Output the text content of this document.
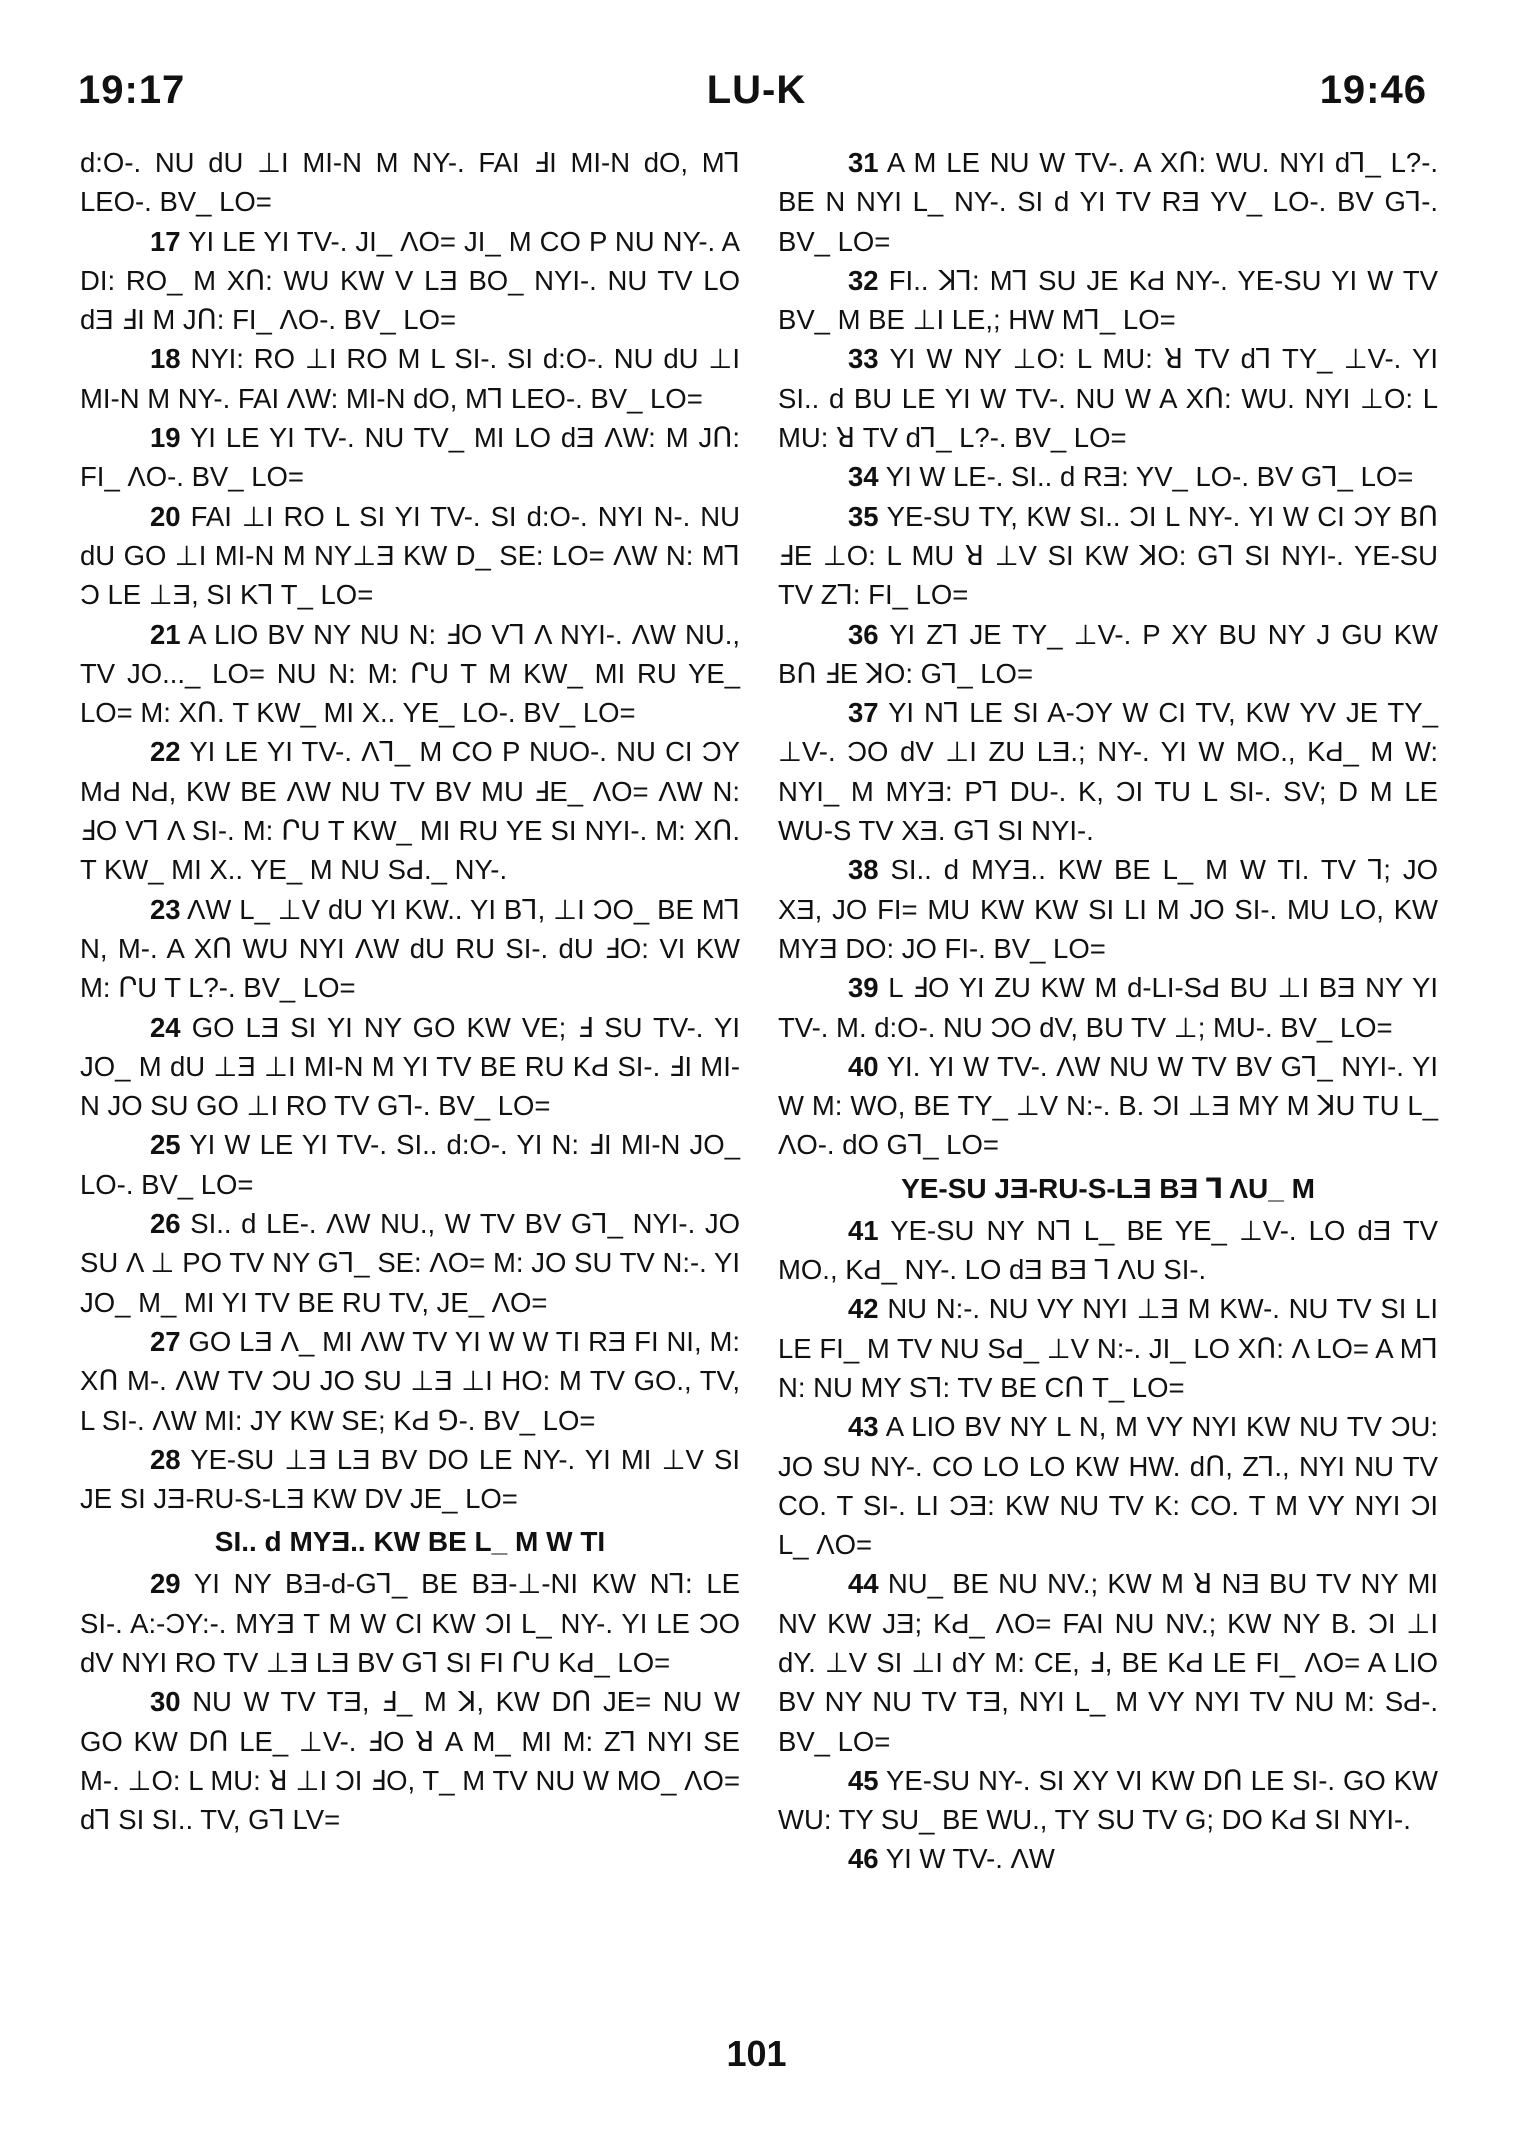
19:17	LU-K	19:46

d:O-. NU dU ⊥I MI-N M NY-. FAI ℲI MI-N dO, M⅂ LEO-. BV_ LO=

17 YI LE YI TV-. JI_ ΛO= JI_ M CO P NU NY-. A DI: RO_ M XՈ: WU KW V LƎ BO_ NYI-. NU TV LO dƎ ℲI M JՈ: FI_ ΛO-. BV_ LO=

18 NYI: RO ⊥I RO M L SI-. SI d:O-. NU dU ⊥I MI-N M NY-. FAI ΛW: MI-N dO, M⅂ LEO-. BV_ LO=

19 YI LE YI TV-. NU TV_ MI LO dƎ ΛW: M JՈ: FI_ ΛO-. BV_ LO=

20 FAI ⊥I RO L SI YI TV-. SI d:O-. NYI N-. NU dU GO ⊥I MI-N M NY⊥Ǝ KW D_ SE: LO= ΛW N: M⅂ Ɔ LE ⊥Ǝ, SI K⅂ T_ LO=

21 A LIO BV NY NU N: ℲO V⅂ Λ NYI-. ΛW NU., TV JO..._ LO= NU N: M: ՐU T M KW_ MI RU YE_ LO= M: XՈ. T KW_ MI X.. YE_ LO-. BV_ LO=

22 YI LE YI TV-. Λ⅂_ M CO P NUO-. NU CI ƆY MԀ NԀ, KW BE ΛW NU TV BV MU ℲE_ ΛO= ΛW N: ℲO V⅂ Λ SI-. M: ՐU T KW_ MI RU YE SI NYI-. M: XՈ. T KW_ MI X.. YE_ M NU SԀ._ NY-.

23 ΛW L_ ⊥V dU YI KW.. YI B⅂, ⊥I ƆO_ BE M⅂ N, M-. A XՈ WU NYI ΛW dU RU SI-. dU ℲO: VI KW M: ՐU T L?-. BV_ LO=

24 GO LƎ SI YI NY GO KW VE; Ⅎ SU TV-. YI JO_ M dU ⊥Ǝ ⊥I MI-N M YI TV BE RU KԀ SI-. ℲI MI-N JO SU GO ⊥I RO TV G⅂-. BV_ LO=

25 YI W LE YI TV-. SI.. d:O-. YI N: ℲI MI-N JO_ LO-. BV_ LO=

26 SI.. d LE-. ΛW NU., W TV BV G⅂_ NYI-. JO SU Λ ⊥ PO TV NY G⅂_ SE: ΛO= M: JO SU TV N:-. YI JO_ M_ MI YI TV BE RU TV, JE_ ΛO=

27 GO LƎ Λ_ MI ΛW TV YI W W TI RƎ FI NI, M: XՈ M-. ΛW TV ƆU JO SU ⊥Ǝ ⊥I HO: M TV GO., TV, L SI-. ΛW MI: JY KW SE; KԀ ⅁-. BV_ LO=

28 YE-SU ⊥Ǝ LƎ BV DO LE NY-. YI MI ⊥V SI JE SI JƎ-RU-S-LƎ KW DV JE_ LO=

SI.. d MYƎ.. KW BE L_ M W TI

29 YI NY BƎ-d-G⅂_ BE BƎ-⊥-NI KW N⅂: LE SI-. A:-ƆY:-. MYƎ T M W CI KW ƆI L_ NY-. YI LE ƆO dV NYI RO TV ⊥Ǝ LƎ BV G⅂ SI FI ՐU KԀ_ LO=

30 NU W TV TƎ, Ⅎ_ M ꓘ, KW DՈ JE= NU W GO KW DՈ LE_ ⊥V-. ℲO ꓤ A M_ MI M: Z⅂ NYI SE M-. ⊥O: L MU: ꓤ ⊥I ƆI ℲO, T_ M TV NU W MO_ ΛO= d⅂ SI SI.. TV, G⅂ LV=

31 A M LE NU W TV-. A XՈ: WU. NYI d⅂_ L?-. BE N NYI L_ NY-. SI d YI TV RƎ YV_ LO-. BV G⅂-. BV_ LO=

32 FI.. ꓘ⅂: M⅂ SU JE KԀ NY-. YE-SU YI W TV BV_ M BE ⊥I LE,; HW M⅂_ LO=

33 YI W NY ⊥O: L MU: ꓤ TV d⅂ TY_ ⊥V-. YI SI.. d BU LE YI W TV-. NU W A XՈ: WU. NYI ⊥O: L MU: ꓤ TV d⅂_ L?-. BV_ LO=

34 YI W LE-. SI.. d RƎ: YV_ LO-. BV G⅂_ LO=

35 YE-SU TY, KW SI.. ƆI L NY-. YI W CI ƆY BՈ ℲE ⊥O: L MU ꓤ ⊥V SI KW ꓘO: G⅂ SI NYI-. YE-SU TV Z⅂: FI_ LO=

36 YI Z⅂ JE TY_ ⊥V-. P XY BU NY J GU KW BՈ ℲE ꓘO: G⅂_ LO=

37 YI N⅂ LE SI A-ƆY W CI TV, KW YV JE TY_ ⊥V-. ƆO dV ⊥I ZU LƎ.; NY-. YI W MO., KԀ_ M W: NYI_ M MYƎ: P⅂ DU-. K, ƆI TU L SI-. SV; D M LE WU-S TV XƎ. G⅂ SI NYI-.

38 SI.. d MYƎ.. KW BE L_ M W TI. TV ⅂; JO XƎ, JO FI= MU KW KW SI LI M JO SI-. MU LO, KW MYƎ DO: JO FI-. BV_ LO=

39 L ℲO YI ZU KW M d-LI-SԀ BU ⊥I BƎ NY YI TV-. M. d:O-. NU ƆO dV, BU TV ⊥; MU-. BV_ LO=

40 YI. YI W TV-. ΛW NU W TV BV G⅂_ NYI-. YI W M: WO, BE TY_ ⊥V N:-. B. ƆI ⊥Ǝ MY M ꓘU TU L_ ΛO-. dO G⅂_ LO=

YE-SU JƎ-RU-S-LƎ BƎ ⅂ ΛU_ M

41 YE-SU NY N⅂ L_ BE YE_ ⊥V-. LO dƎ TV MO., KԀ_ NY-. LO dƎ BƎ ⅂ ΛU SI-.

42 NU N:-. NU VY NYI ⊥Ǝ M KW-. NU TV SI LI LE FI_ M TV NU SԀ_ ⊥V N:-. JI_ LO XՈ: Λ LO= A M⅂ N: NU MY S⅂: TV BE CՈ T_ LO=

43 A LIO BV NY L N, M VY NYI KW NU TV ƆU: JO SU NY-. CO LO LO KW HW. dՈ, Z⅂., NYI NU TV CO. T SI-. LI ƆƎ: KW NU TV K: CO. T M VY NYI ƆI L_ ΛO=

44 NU_ BE NU NV.; KW M ꓤ NƎ BU TV NY MI NV KW JƎ; KԀ_ ΛO= FAI NU NV.; KW NY B. ƆI ⊥I dY. ⊥V SI ⊥I dY M: CE, Ⅎ, BE KԀ LE FI_ ΛO= A LIO BV NY NU TV TƎ, NYI L_ M VY NYI TV NU M: SԀ-. BV_ LO=

45 YE-SU NY-. SI XY VI KW DՈ LE SI-. GO KW WU: TY SU_ BE WU., TY SU TV G; DO KԀ SI NYI-.

46 YI W TV-. ΛW

101
